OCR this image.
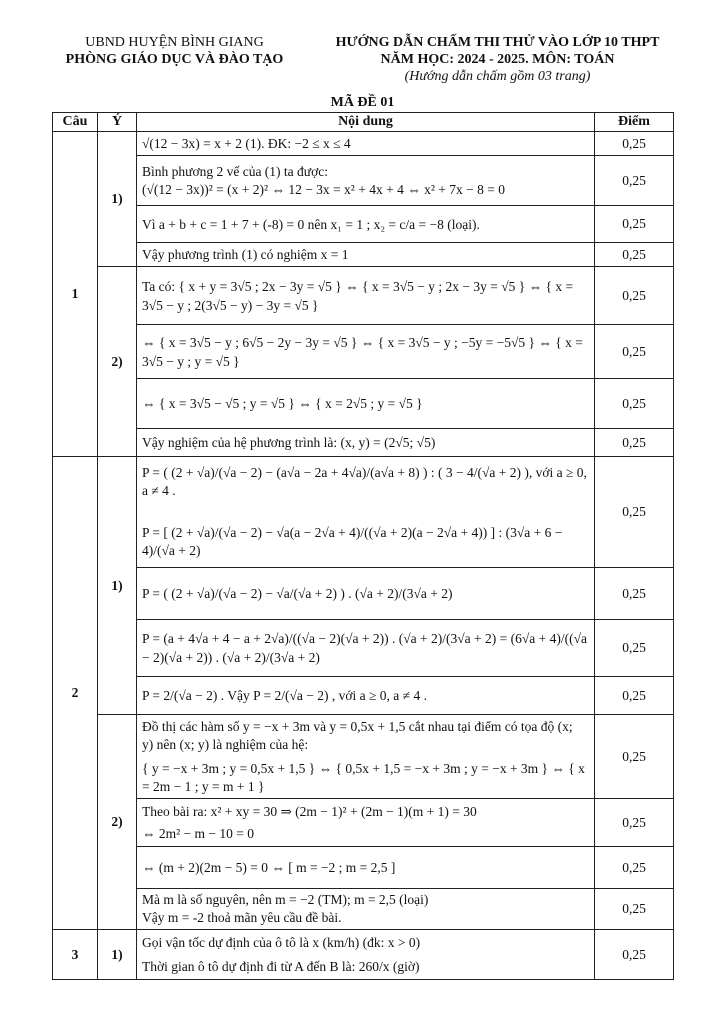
UBND HUYỆN BÌNH GIANG
PHÒNG GIÁO DỤC VÀ ĐÀO TẠO
HƯỚNG DẪN CHẤM THI THỬ VÀO LỚP 10 THPT
NĂM HỌC: 2024 - 2025. MÔN: TOÁN
(Hướng dẫn chấm gồm 03 trang)
MÃ ĐỀ 01
Câu	Ý	Nội dung	Điểm
1	1)	√(12 − 3x) = x + 2 (1). ĐK: −2 ≤ x ≤ 4	0,25

		Bình phương 2 vế của (1) ta được:
(√(12 − 3x))² = (x + 2)² ⇔ 12 − 3x = x² + 4x + 4 ⇔ x² + 7x − 8 = 0	0,25
		Vì a + b + c = 1 + 7 + (-8) = 0 nên x₁ = 1 ; x₂ = c/a = −8 (loại).	0,25
		Vậy phương trình (1) có nghiệm x = 1	0,25
	2)	Ta có: { x + y = 3√5 ; 2x − 3y = √5 } ⇔ { x = 3√5 − y ; 2x − 3y = √5 } ⇔ { x = 3√5 − y ; 2(3√5 − y) − 3y = √5 }	0,25
		⇔ { x = 3√5 − y ; 6√5 − 2y − 3y = √5 } ⇔ { x = 3√5 − y ; −5y = −5√5 } ⇔ { x = 3√5 − y ; y = √5 }	0,25
		⇔ { x = 3√5 − √5 ; y = √5 } ⇔ { x = 2√5 ; y = √5 }	0,25
		Vậy nghiệm của hệ phương trình là: (x, y) = (2√5; √5)	0,25
2	1)	P = ( (2 + √a)/(√a − 2) − (a√a − 2a + 4√a)/(a√a + 8) ) : ( 3 − 4/(√a + 2) ), với a ≥ 0, a ≠ 4 .
P = [ (2 + √a)/(√a − 2) − √a(a − 2√a + 4)/((√a + 2)(a − 2√a + 4)) ] : (3√a + 6 − 4)/(√a + 2)	0,25
		P = ( (2 + √a)/(√a − 2) − √a/(√a + 2) ) . (√a + 2)/(3√a + 2)	0,25
		P = (a + 4√a + 4 − a + 2√a)/((√a − 2)(√a + 2)) . (√a + 2)/(3√a + 2) = (6√a + 4)/((√a − 2)(√a + 2)) . (√a + 2)/(3√a + 2)	0,25
		P = 2/(√a − 2) . Vậy P = 2/(√a − 2) , với a ≥ 0, a ≠ 4 .	0,25
	2)	Đồ thị các hàm số y = −x + 3m và y = 0,5x + 1,5 cắt nhau tại điểm có tọa độ (x;
y) nên (x; y) là nghiệm của hệ:
{ y = −x + 3m ; y = 0,5x + 1,5 } ⇔ { 0,5x + 1,5 = −x + 3m ; y = −x + 3m } ⇔ { x = 2m − 1 ; y = m + 1 }	0,25

		Theo bài ra: x² + xy = 30 ⇒ (2m − 1)² + (2m − 1)(m + 1) = 30
⇔ 2m² − m − 10 = 0	0,25
		⇔ (m + 2)(2m − 5) = 0 ⇔ [ m = −2 ; m = 2,5 ]	0,25

		Mà m là số nguyên, nên m = −2 (TM); m = 2,5 (loại)
Vậy m = -2 thoả mãn yêu cầu đề bài.	0,25
3	1)	Gọi vận tốc dự định của ô tô là x (km/h) (đk: x > 0)
Thời gian ô tô dự định đi từ A đến B là: 260/x (giờ)	0,25
